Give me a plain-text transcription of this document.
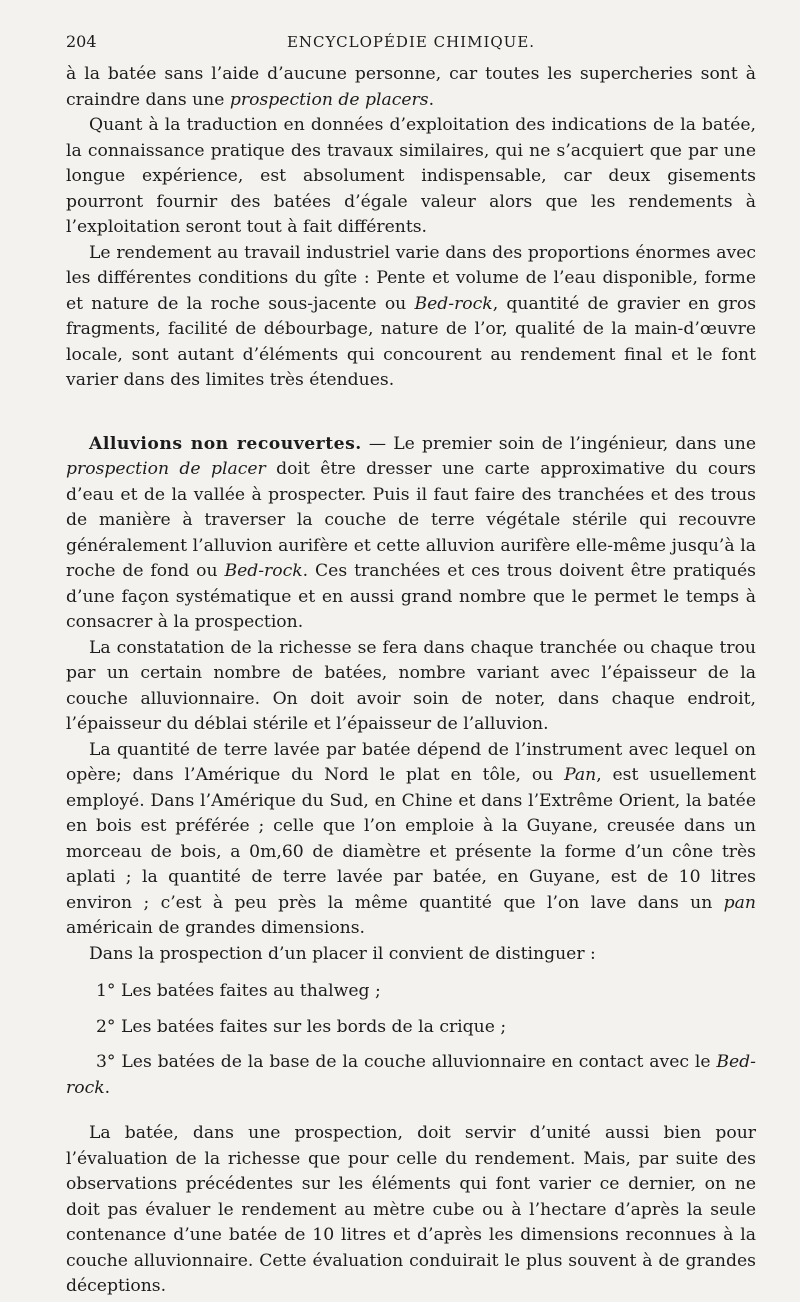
204	ENCYCLOPÉDIE CHIMIQUE.

à la batée sans l’aide d’aucune personne, car toutes les supercheries sont à craindre dans une prospection de placers.

Quant à la traduction en données d’exploitation des indications de la batée, la connaissance pratique des travaux similaires, qui ne s’acquiert que par une longue expérience, est absolument indispensable, car deux gisements pourront fournir des batées d’égale valeur alors que les rendements à l’exploitation seront tout à fait différents.

Le rendement au travail industriel varie dans des proportions énormes avec les différentes conditions du gîte : Pente et volume de l’eau disponible, forme et nature de la roche sous-jacente ou Bed-rock, quantité de gravier en gros fragments, facilité de débourbage, nature de l’or, qualité de la main-d’œuvre locale, sont autant d’éléments qui concourent au rendement final et le font varier dans des limites très étendues.

Alluvions non recouvertes. — Le premier soin de l’ingénieur, dans une prospection de placer doit être dresser une carte approximative du cours d’eau et de la vallée à prospecter. Puis il faut faire des tranchées et des trous de manière à traverser la couche de terre végétale stérile qui recouvre généralement l’alluvion aurifère et cette alluvion aurifère elle-même jusqu’à la roche de fond ou Bed-rock. Ces tranchées et ces trous doivent être pratiqués d’une façon systématique et en aussi grand nombre que le permet le temps à consacrer à la prospection.

La constatation de la richesse se fera dans chaque tranchée ou chaque trou par un certain nombre de batées, nombre variant avec l’épaisseur de la couche alluvionnaire. On doit avoir soin de noter, dans chaque endroit, l’épaisseur du déblai stérile et l’épaisseur de l’alluvion.

La quantité de terre lavée par batée dépend de l’instrument avec lequel on opère; dans l’Amérique du Nord le plat en tôle, ou Pan, est usuellement employé. Dans l’Amérique du Sud, en Chine et dans l’Extrême Orient, la batée en bois est préférée ; celle que l’on emploie à la Guyane, creusée dans un morceau de bois, a 0m,60 de diamètre et présente la forme d’un cône très aplati ; la quantité de terre lavée par batée, en Guyane, est de 10 litres environ ; c’est à peu près la même quantité que l’on lave dans un pan américain de grandes dimensions.

Dans la prospection d’un placer il convient de distinguer :

1° Les batées faites au thalweg ;

2° Les batées faites sur les bords de la crique ;

3° Les batées de la base de la couche alluvionnaire en contact avec le Bed-rock.

La batée, dans une prospection, doit servir d’unité aussi bien pour l’évaluation de la richesse que pour celle du rendement. Mais, par suite des observations précédentes sur les éléments qui font varier ce dernier, on ne doit pas évaluer le rendement au mètre cube ou à l’hectare d’après la seule contenance d’une batée de 10 litres et d’après les dimensions reconnues à la couche alluvionnaire. Cette évaluation conduirait le plus souvent à de grandes déceptions.
